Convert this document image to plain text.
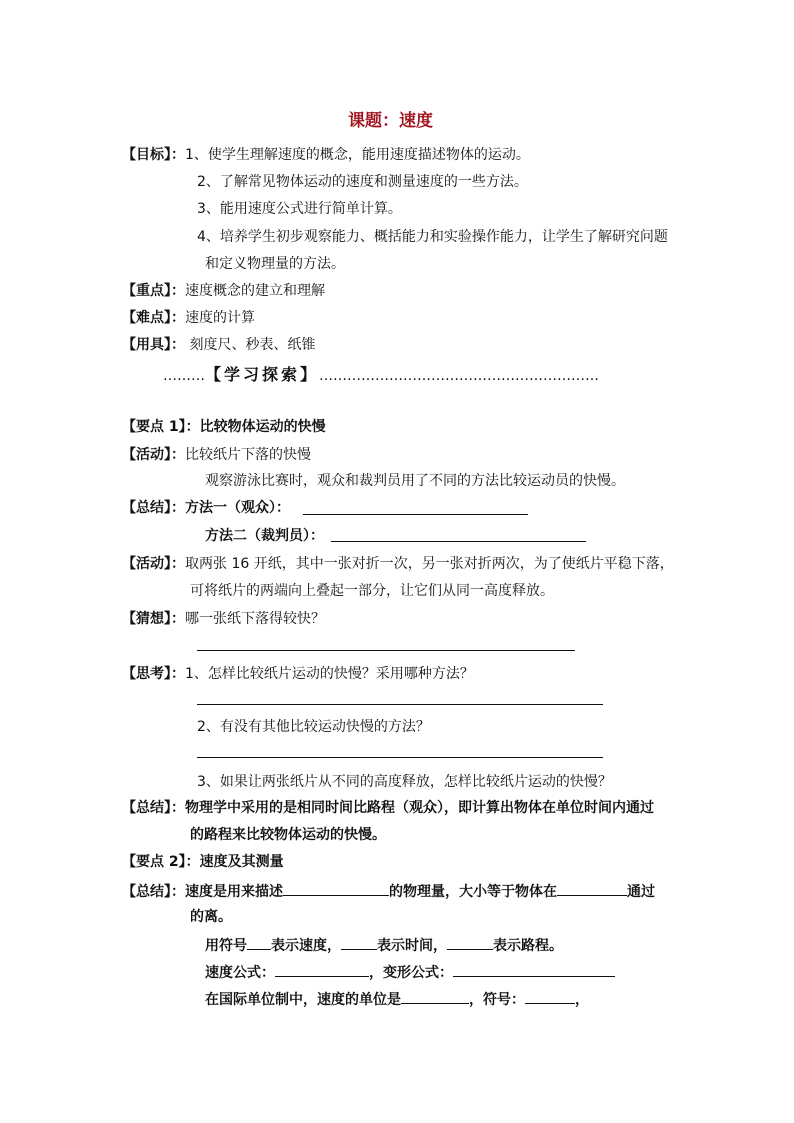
课题：速度
【目标】：1、使学生理解速度的概念，能用速度描述物体的运动。
2、了解常见物体运动的速度和测量速度的一些方法。
3、能用速度公式进行简单计算。
4、培养学生初步观察能力、概括能力和实验操作能力，让学生了解研究问题
和定义物理量的方法。
【重点】：速度概念的建立和理解
【难点】：速度的计算
【用具】： 刻度尺、秒表、纸锥
………【学习探索】……………………………………………………
【要点 1】：比较物体运动的快慢
【活动】：比较纸片下落的快慢
观察游泳比赛时，观众和裁判员用了不同的方法比较运动员的快慢。
【总结】：方法一（观众）：
方法二（裁判员）：
【活动】：取两张 16 开纸，其中一张对折一次，另一张对折两次，为了使纸片平稳下落，
可将纸片的两端向上叠起一部分，让它们从同一高度释放。
【猜想】：哪一张纸下落得较快？
【思考】：1、怎样比较纸片运动的快慢？采用哪种方法？
2、有没有其他比较运动快慢的方法？
3、如果让两张纸片从不同的高度释放，怎样比较纸片运动的快慢？
【总结】：物理学中采用的是相同时间比路程（观众），即计算出物体在单位时间内通过
的路程来比较物体运动的快慢。
【要点 2】：速度及其测量
【总结】：速度是用来描述	的物理量，大小等于物体在	通过
的离。
用符号 表示速度，	表示时间，	表示路程。
速度公式：	，变形公式：
在国际单位制中，速度的单位是	，符号：	，
